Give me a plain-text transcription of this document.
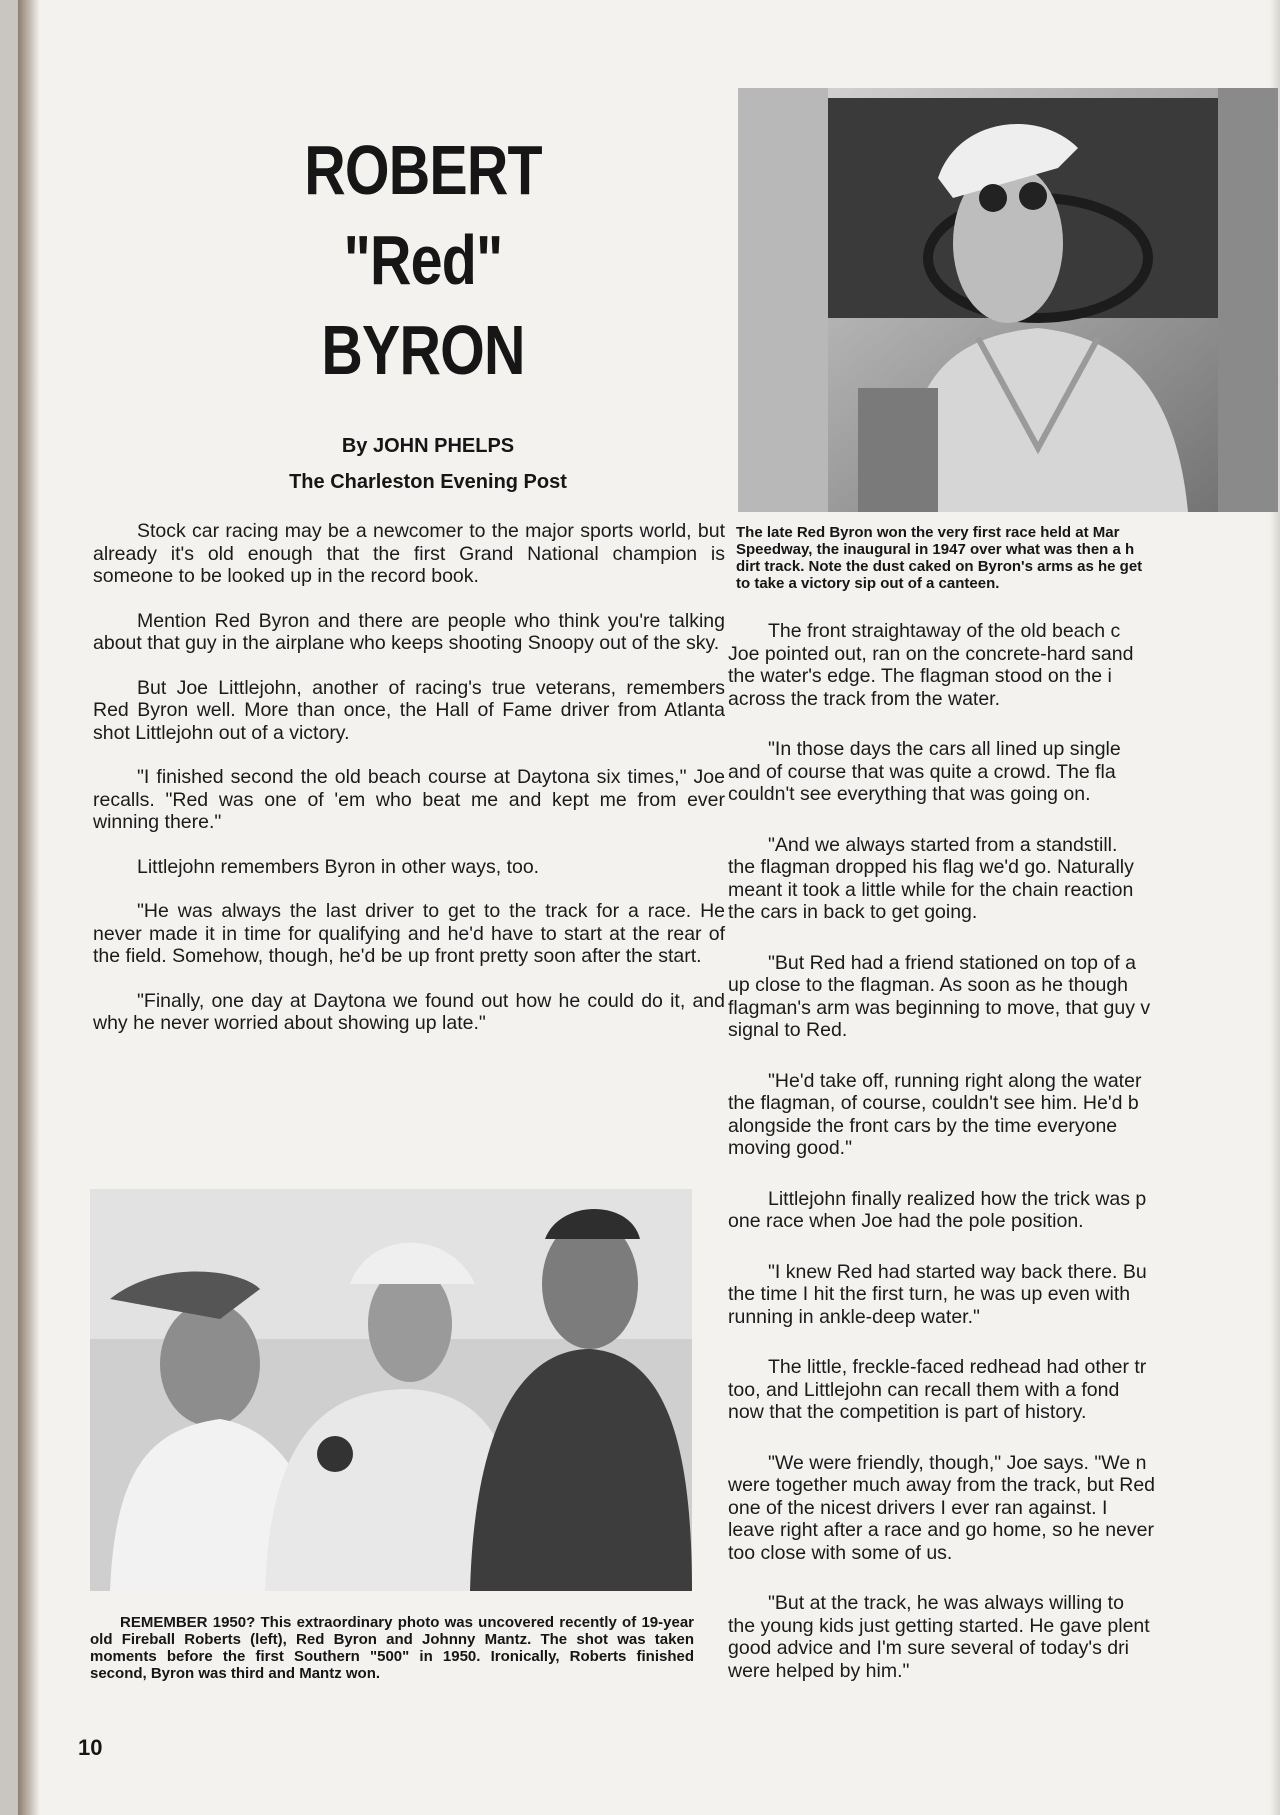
ROBERT
"Red"
BYRON
By JOHN PHELPS
The Charleston Evening Post
The late Red Byron won the very first race held at Mar
Speedway, the inaugural in 1947 over what was then a h
dirt track. Note the dust caked on Byron's arms as he get
to take a victory sip out of a canteen.

Stock car racing may be a newcomer to the major sports world, but already it's old enough that the first Grand National champion is someone to be looked up in the record book.

Mention Red Byron and there are people who think you're talking about that guy in the airplane who keeps shooting Snoopy out of the sky.

But Joe Littlejohn, another of racing's true veterans, remembers Red Byron well. More than once, the Hall of Fame driver from Atlanta shot Littlejohn out of a victory.

"I finished second the old beach course at Daytona six times," Joe recalls. "Red was one of 'em who beat me and kept me from ever winning there."

Littlejohn remembers Byron in other ways, too.

"He was always the last driver to get to the track for a race. He never made it in time for qualifying and he'd have to start at the rear of the field. Somehow, though, he'd be up front pretty soon after the start.

"Finally, one day at Daytona we found out how he could do it, and why he never worried about showing up late."

REMEMBER 1950? This extraordinary photo was uncovered recently of 19-year old Fireball Roberts (left), Red Byron and Johnny Mantz. The shot was taken moments before the first Southern "500" in 1950. Ironically, Roberts finished second, Byron was third and Mantz won.
The front straightaway of the old beach c
Joe pointed out, ran on the concrete-hard sand
the water's edge. The flagman stood on the i
across the track from the water.
"In those days the cars all lined up single
and of course that was quite a crowd. The fla
couldn't see everything that was going on.
"And we always started from a standstill.
the flagman dropped his flag we'd go. Naturally
meant it took a little while for the chain reaction
the cars in back to get going.
"But Red had a friend stationed on top of a
up close to the flagman. As soon as he though
flagman's arm was beginning to move, that guy v
signal to Red.
"He'd take off, running right along the water
the flagman, of course, couldn't see him. He'd b
alongside the front cars by the time everyone
moving good."
Littlejohn finally realized how the trick was p
one race when Joe had the pole position.
"I knew Red had started way back there. Bu
the time I hit the first turn, he was up even with
running in ankle-deep water."
The little, freckle-faced redhead had other tr
too, and Littlejohn can recall them with a fond
now that the competition is part of history.
"We were friendly, though," Joe says. "We n
were together much away from the track, but Red
one of the nicest drivers I ever ran against. I
leave right after a race and go home, so he never
too close with some of us.
"But at the track, he was always willing to
the young kids just getting started. He gave plent
good advice and I'm sure several of today's dri
were helped by him."
10
